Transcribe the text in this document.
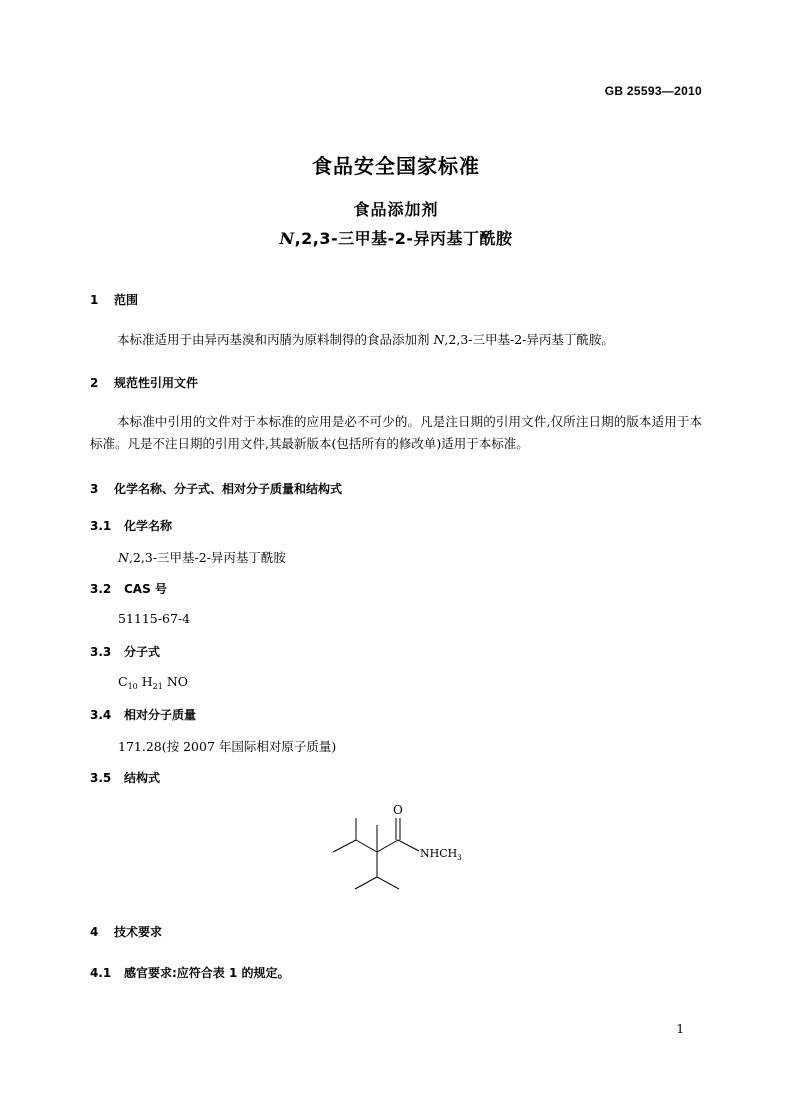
GB 25593—2010
食品安全国家标准
食品添加剂
N,2,3-三甲基-2-异丙基丁酰胺
1 范围
本标准适用于由异丙基溴和丙腈为原料制得的食品添加剂 N,2,3-三甲基-2-异丙基丁酰胺。
2 规范性引用文件
本标准中引用的文件对于本标准的应用是必不可少的。凡是注日期的引用文件,仅所注日期的版本适用于本标准。凡是不注日期的引用文件,其最新版本(包括所有的修改单)适用于本标准。
3 化学名称、分子式、相对分子质量和结构式
3.1 化学名称
N,2,3-三甲基-2-异丙基丁酰胺
3.2 CAS 号
51115-67-4
3.3 分子式
$C_{10}$ $H_{21}$ NO
3.4 相对分子质量
171.28(按 2007 年国际相对原子质量)
3.5 结构式
O
$NHCH_3$
4 技术要求
4.1 感官要求:应符合表 1 的规定。
1
